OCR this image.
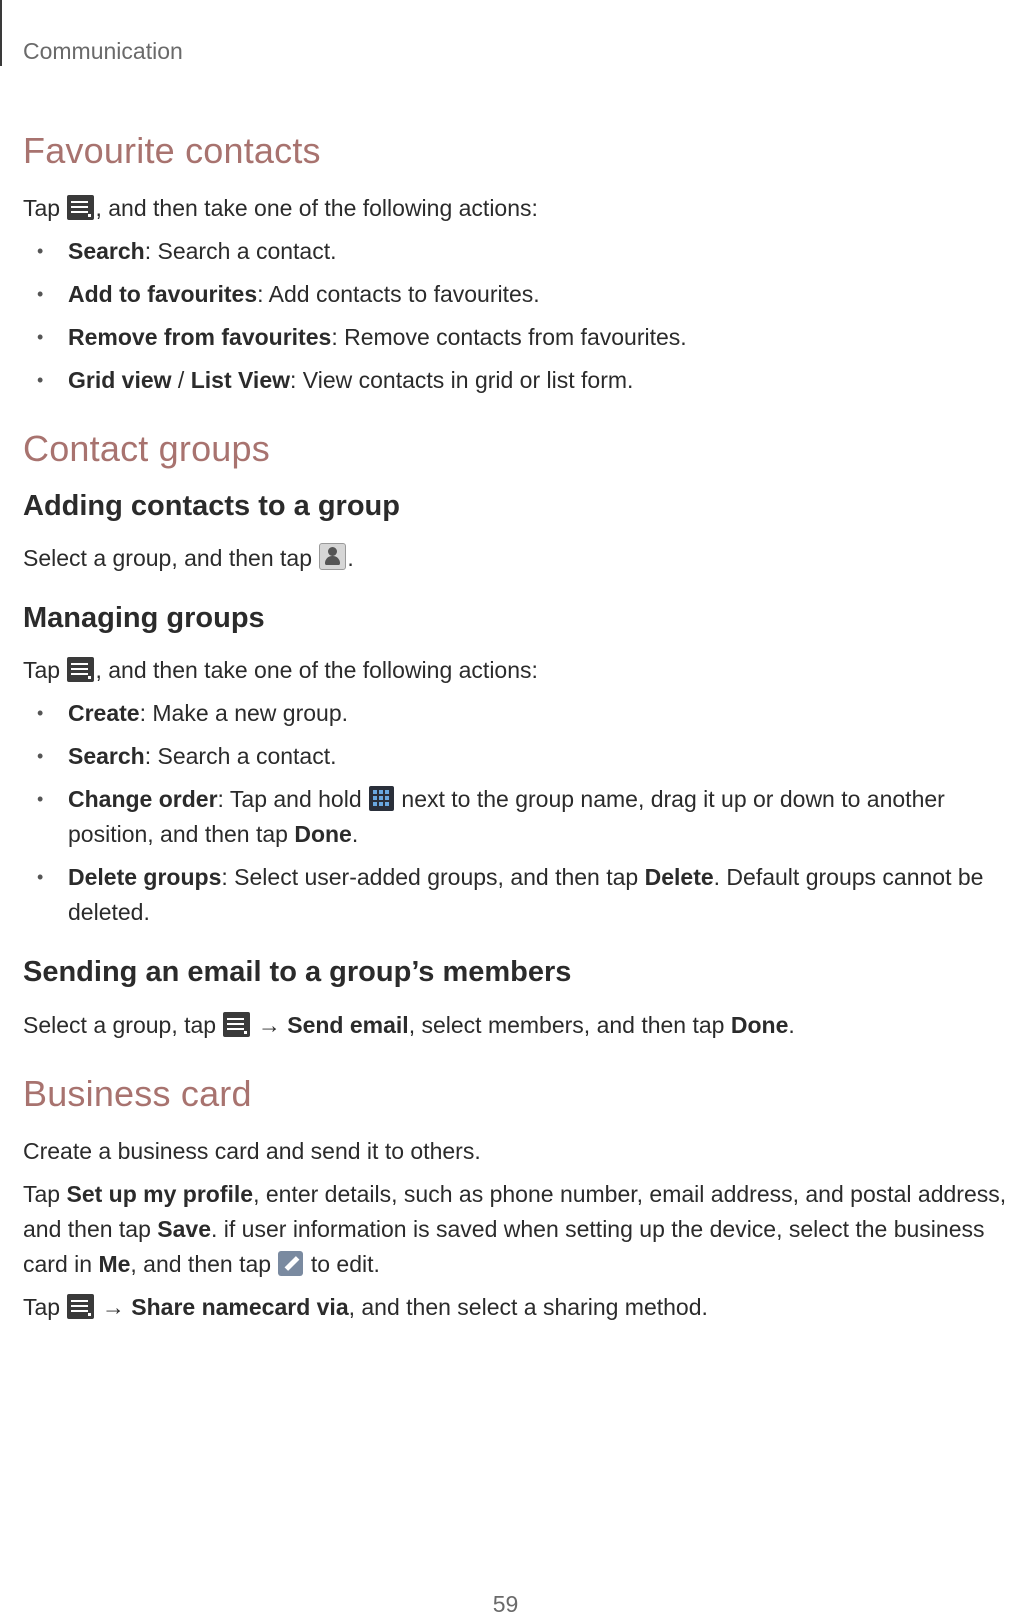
Communication
Favourite contacts

Tap
, and then take one of the following actions:

• Search: Search a contact.
• Add to favourites: Add contacts to favourites.
• Remove from favourites: Remove contacts from favourites.
• Grid view / List View: View contacts in grid or list form.
Contact groups
Adding contacts to a group

Select a group, and then tap
.

Managing groups

Tap
, and then take one of the following actions:

• Create: Make a new group.
• Search: Search a contact.
• Change order: Tap and hold
next to the group name, drag it up or down to another position, and then tap Done.
• Delete groups: Select user-added groups, and then tap Delete. Default groups cannot be deleted.
Sending an email to a group’s members

Select a group, tap
→ Send email, select members, and then tap Done.

Business card

Create a business card and send it to others.

Tap Set up my profile, enter details, such as phone number, email address, and postal address, and then tap Save. if user information is saved when setting up the device, select the business card in Me, and then tap
to edit.

Tap
→ Share namecard via, and then select a sharing method.

59
